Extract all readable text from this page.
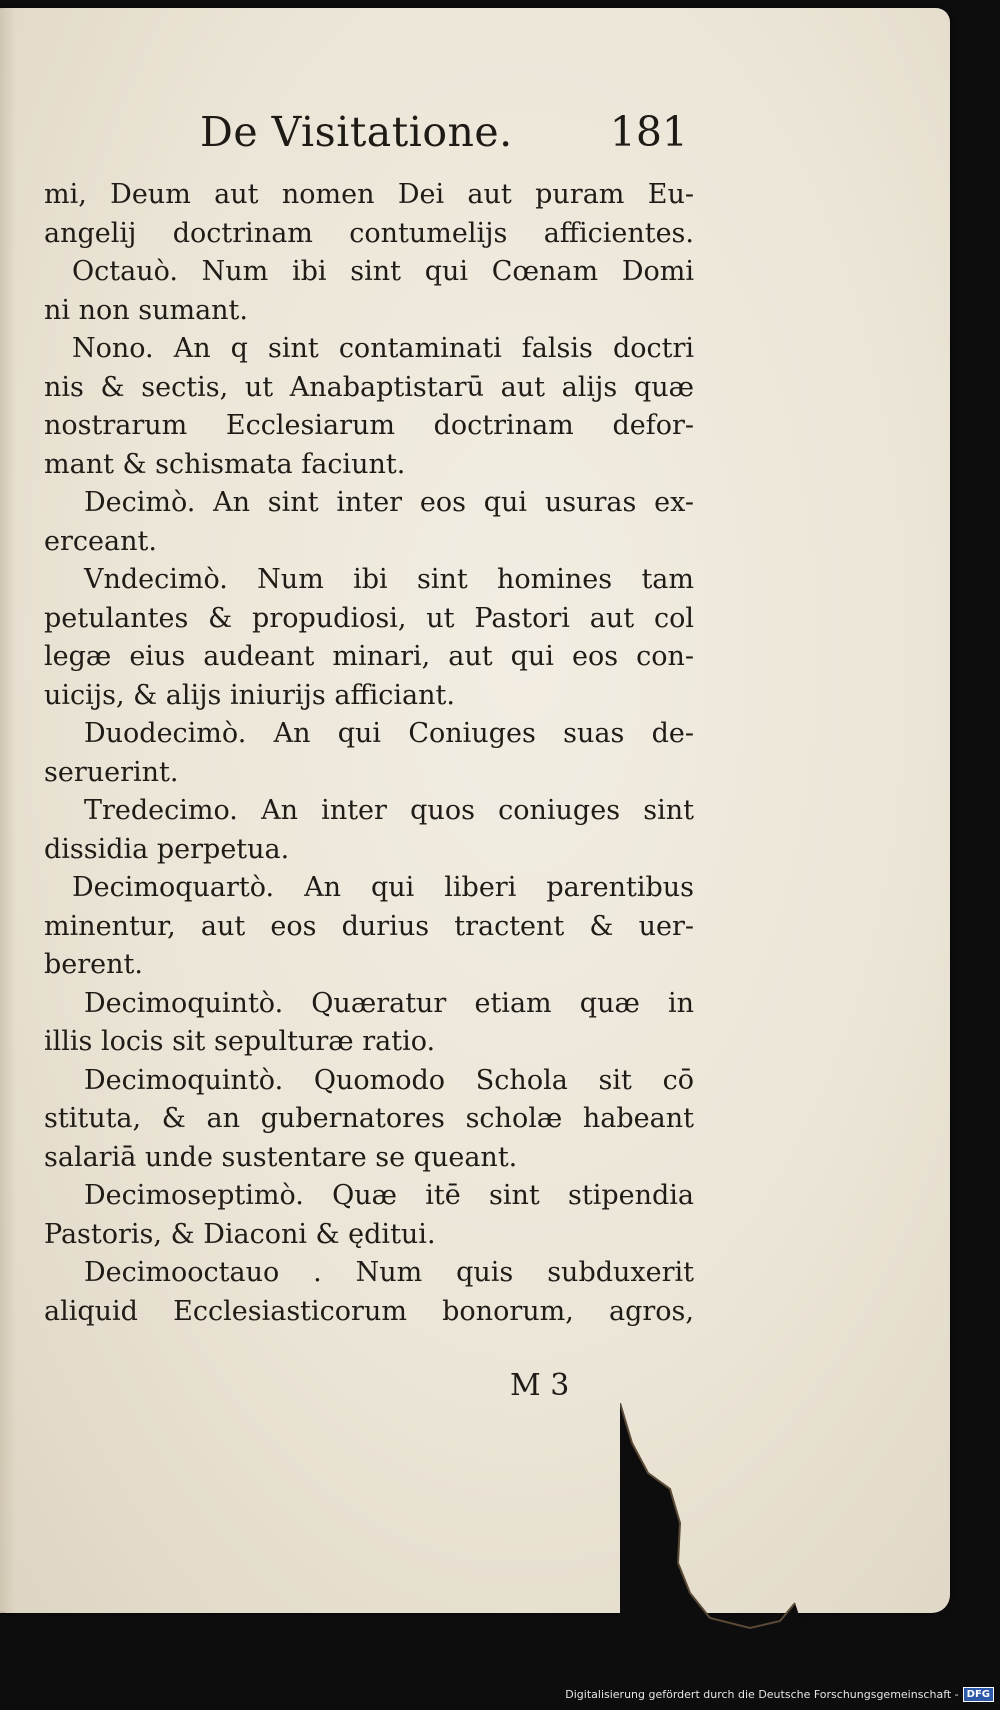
De Visitatione. 181
mi, Deum aut nomen Dei aut puram Eu-
angelij doctrinam contumelijs afficientes.
Octauò. Num ibi sint qui Cœnam Domi
ni non sumant.
Nono. An q sint contaminati falsis doctri
nis & sectis, ut Anabaptistarū aut alijs quæ
nostrarum Ecclesiarum doctrinam defor-
mant & schismata faciunt.
Decimò. An sint inter eos qui usuras ex-
erceant.
Vndecimò. Num ibi sint homines tam
petulantes & propudiosi, ut Pastori aut col
legæ eius audeant minari, aut qui eos con-
uicijs, & alijs iniurijs afficiant.
Duodecimò. An qui Coniuges suas de-
seruerint.
Tredecimo. An inter quos coniuges sint
dissidia perpetua.
Decimoquartò. An qui liberi parentibus
minentur, aut eos durius tractent & uer-
berent.
Decimoquintò. Quæratur etiam quæ in
illis locis sit sepulturæ ratio.
Decimoquintò. Quomodo Schola sit cō
stituta, & an gubernatores scholæ habeant
salariā unde sustentare se queant.
Decimoseptimò. Quæ itē sint stipendia
Pastoris, & Diaconi & ęditui.
Decimooctauo . Num quis subduxerit
aliquid Ecclesiasticorum bonorum, agros,
M 3
Digitalisierung gefördert durch die Deutsche Forschungsgemeinschaft - DFG
